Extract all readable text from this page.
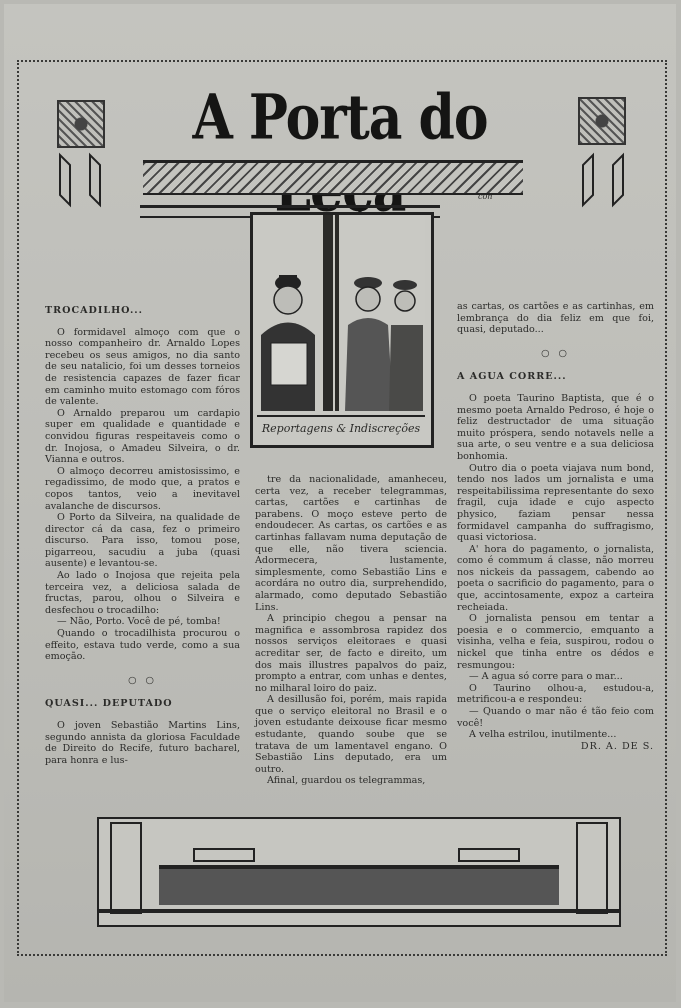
A Porta do
con
Reportagens & Indiscreções

TROCADILHO...

O formidavel almoço com que o nosso companheiro dr. Arnaldo Lopes recebeu os seus amigos, no dia santo de seu natalicio, foi um desses torneios de resistencia capazes de fazer ficar em caminho muito estomago com fóros de valente.

O Arnaldo preparou um cardapio super em qualidade e quantidade e convidou figuras respeitaveis como o dr. Inojosa, o Amadeu Silveira, o dr. Vianna e outros.

O almoço decorreu amistosissimo, e regadissimo, de modo que, a pratos e copos tantos, veio a inevitavel avalanche de discursos.

O Porto da Silveira, na qualidade de director cá da casa, fez o primeiro discurso. Para isso, tomou pose, pigarreou, sacudiu a juba (quasi ausente) e levantou-se.

Ao lado o Inojosa que rejeita pela terceira vez, a deliciosa salada de fructas, parou, olhou o Silveira e desfechou o trocadilho:

— Não, Porto. Você de pé, tomba!

Quando o trocadilhista procurou o effeito, estava tudo verde, como a sua emoção.

○ ○

QUASI... DEPUTADO

O joven Sebastião Martins Lins, segundo annista da gloriosa Faculdade de Direito do Recife, futuro bacharel, para honra e lus-

tre da nacionalidade, amanheceu, certa vez, a receber telegrammas, cartas, cartões e cartinhas de parabens. O moço esteve perto de endoudecer. As cartas, os cartões e as cartinhas fallavam numa deputação de que elle, não tivera sciencia. Adormecera, lustamente, simplesmente, como Sebastião Lins e acordára no outro dia, surprehendido, alarmado, como deputado Sebastião Lins.

A principio chegou a pensar na magnifica e assombrosa rapidez dos nossos serviços eleitoraes e quasi acreditar ser, de facto e direito, um dos mais illustres papalvos do paiz, prompto a entrar, com unhas e dentes, no milharal loiro do paiz.

A desillusão foi, porém, mais rapida que o serviço eleitoral no Brasil e o joven estudante deixouse ficar mesmo estudante, quando soube que se tratava de um lamentavel engano. O Sebastião Lins deputado, era um outro.

Afinal, guardou os telegrammas,

as cartas, os cartões e as cartinhas, em lembrança do dia feliz em que foi, quasi, deputado...

○ ○

A AGUA CORRE...

O poeta Taurino Baptista, que é o mesmo poeta Arnaldo Pedroso, é hoje o feliz destructador de uma situação muito próspera, sendo notavels nelle a sua arte, o seu ventre e a sua deliciosa bonhomia.

Outro dia o poeta viajava num bond, tendo nos lados um jornalista e uma respeitabilissima representante do sexo fragil, cuja idade e cujo aspecto physico, faziam pensar nessa formidavel campanha do suffragismo, quasi victoriosa.

A' hora do pagamento, o jornalista, como é commum á classe, não morreu nos nickeis da passagem, cabendo ao poeta o sacrificio do pagamento, para o que, accintosamente, expoz a carteira recheiada.

O jornalista pensou em tentar a poesia e o commercio, emquanto a visinha, velha e feia, suspirou, rodou o nickel que tinha entre os dédos e resmungou:

— A agua só corre para o mar...

O Taurino olhou-a, estudou-a, metrificou-a e respondeu:

— Quando o mar não é tão feio com você!

A velha estrilou, inutilmente...

DR. A. DE S.
